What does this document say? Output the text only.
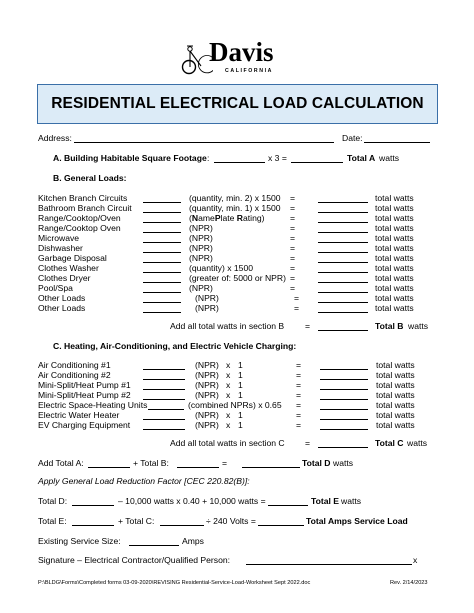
Davis
CALIFORNIA
RESIDENTIAL ELECTRICAL LOAD CALCULATION
Address:	Date:
A. Building Habitable Square Footage :	x 3 =	Total A watts
B. General Loads:
Kitchen Branch Circuits	(quantity, min. 2) x 1500 =	total watts
Bathroom Branch Circuit	(quantity, min. 1) x 1500 =	total watts
Range/Cooktop/Oven	(NamePlate Rating)	=	total watts
Range/Cooktop Oven	(NPR)	=	total watts
Microwave	(NPR)	=	total watts
Dishwasher	(NPR)	=	total watts
Garbage Disposal	(NPR)	=	total watts
Clothes Washer	(quantity) x 1500	=	total watts
Clothes Dryer	(greater of: 5000 or NPR) =	total watts
Pool/Spa	(NPR)	=	total watts
Other Loads	(NPR)	=	total watts
Other Loads	(NPR)	=	total watts
Add all total watts in section B =	Total B watts
C. Heating, Air-Conditioning, and Electric Vehicle Charging:
Air Conditioning #1	(NPR) x 1	=	total watts
Air Conditioning #2	(NPR) x 1	=	total watts
Mini-Split/Heat Pump #1	(NPR) x 1	=	total watts
Mini-Split/Heat Pump #2	(NPR) x 1	=	total watts
Electric Space-Heating Units	(combined NPRs) x 0.65 =	total watts
Electric Water Heater	(NPR) x 1	=	total watts
EV Charging Equipment	(NPR) x 1	=	total watts
Add all total watts in section C =	Total C watts
Add Total A:	+ Total B:	=	Total D watts
Apply General Load Reduction Factor [CEC 220.82(B)]:
Total D:	– 10,000 watts x 0.40 + 10,000 watts =	Total E watts
Total E:	+ Total C:	÷ 240 Volts =	Total Amps Service Load
Existing Service Size:	Amps
Signature – Electrical Contractor/Qualified Person:	x
P:\BLDG\Forms\Completed forms 03-09-2020\REVISING Residential-Service-Load-Worksheet Sept 2022.doc	Rev. 2/14/2023
